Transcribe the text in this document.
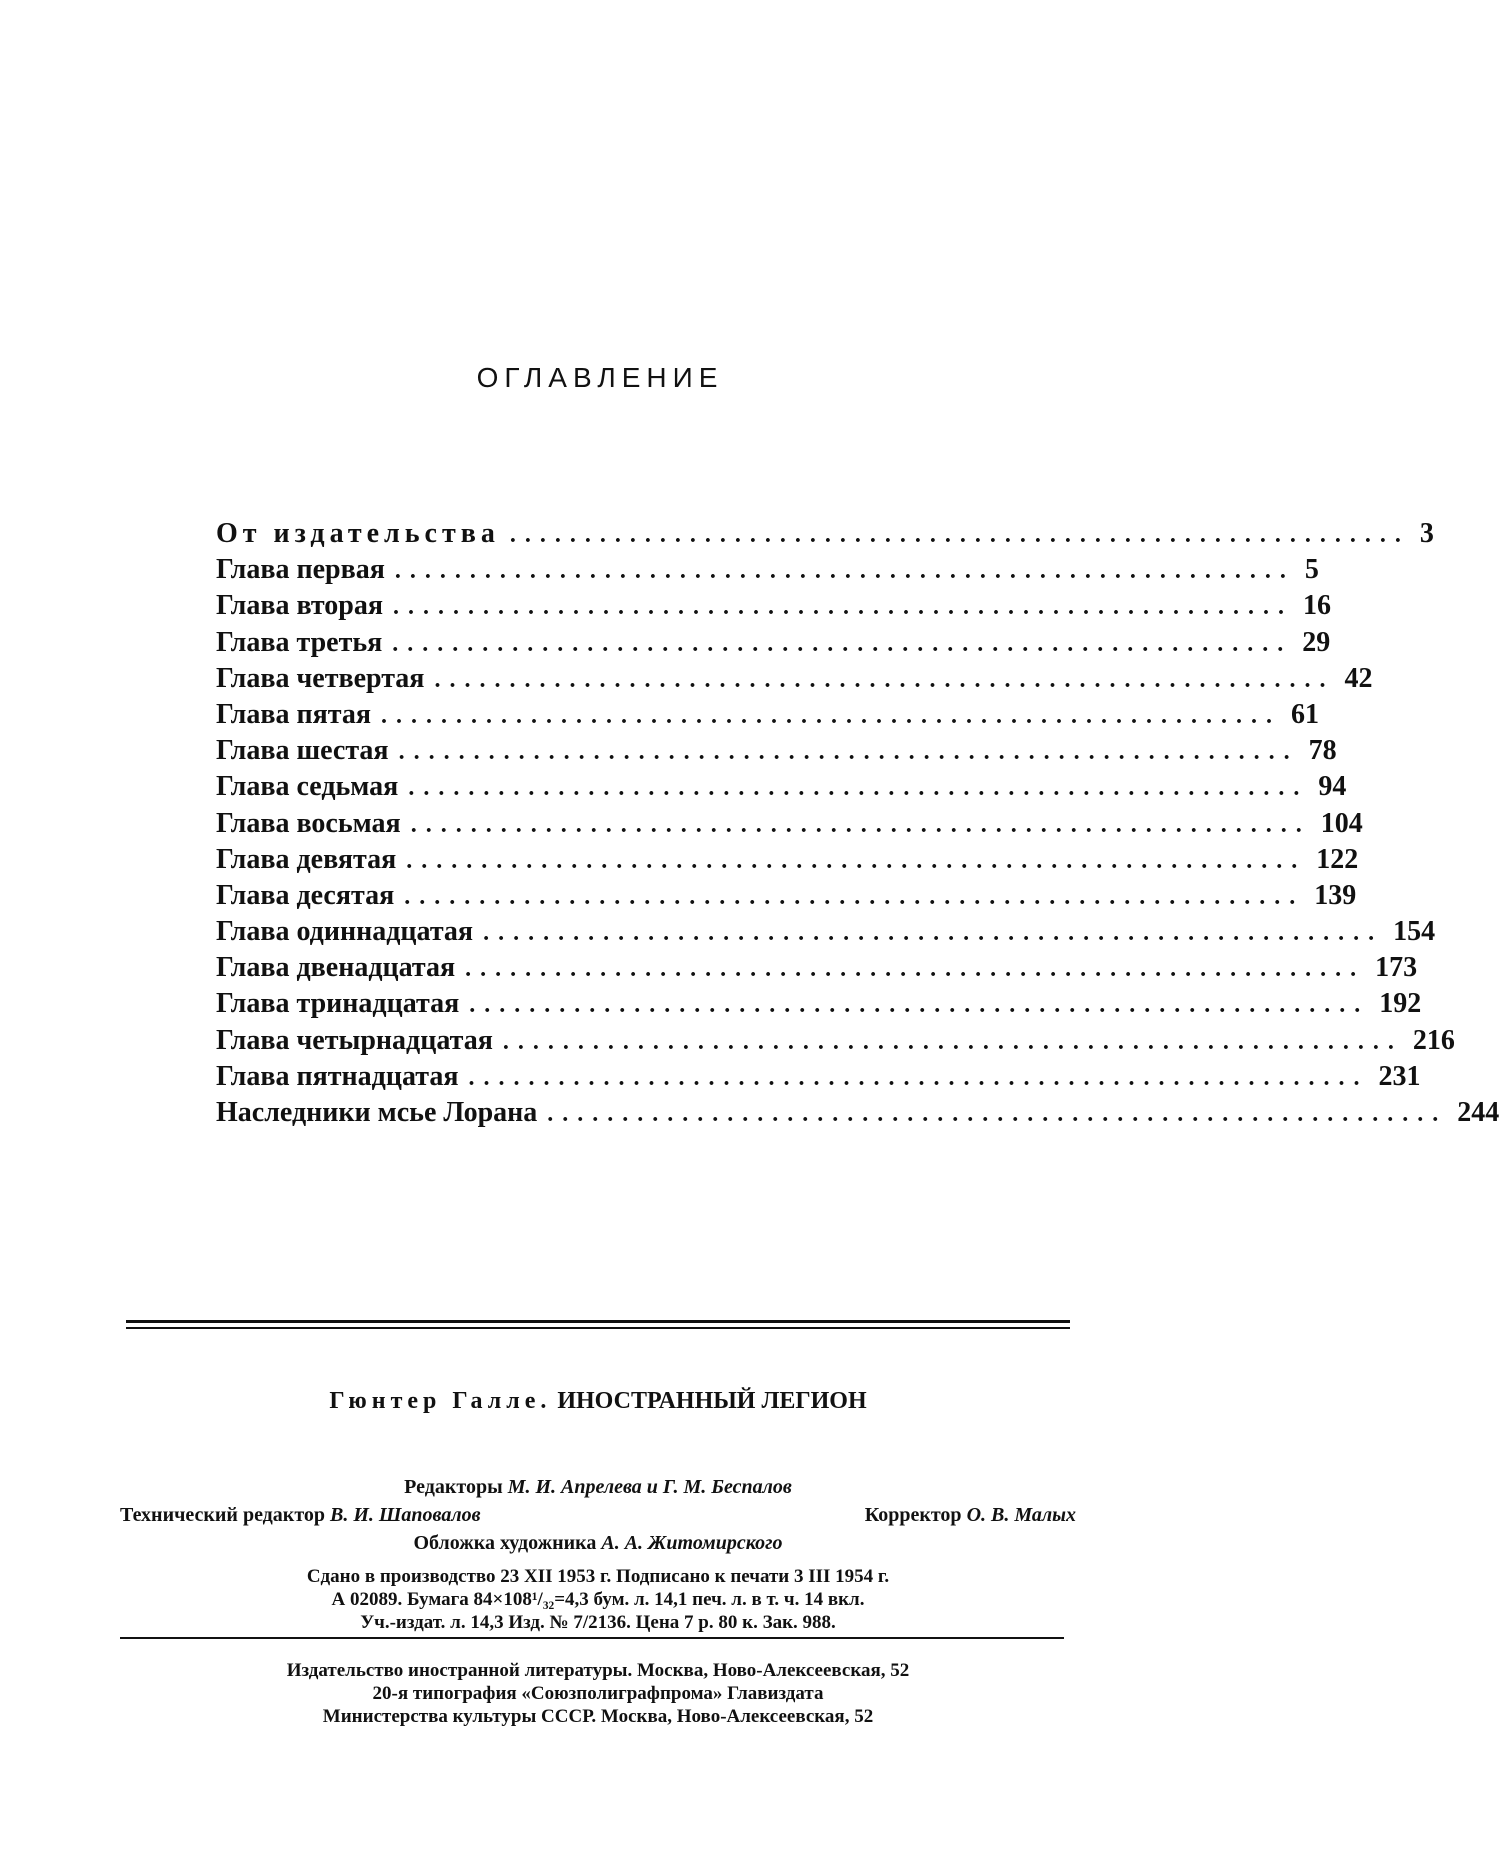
ОГЛАВЛЕНИЕ
От издательства ............................................................ 3
Глава первая ............................................................ 5
Глава вторая ............................................................ 16
Глава третья ............................................................ 29
Глава четвертая ............................................................ 42
Глава пятая ............................................................ 61
Глава шестая ............................................................ 78
Глава седьмая ............................................................ 94
Глава восьмая ............................................................ 104
Глава девятая ............................................................ 122
Глава десятая ............................................................ 139
Глава одиннадцатая ............................................................ 154
Глава двенадцатая ............................................................ 173
Глава тринадцатая ............................................................ 192
Глава четырнадцатая ............................................................ 216
Глава пятнадцатая ............................................................ 231
Наследники мсье Лорана ............................................................ 244
Гюнтер Галле. ИНОСТРАННЫЙ ЛЕГИОН
Редакторы М. И. Апрелева и Г. М. Беспалов
Технический редактор В. И. Шаповалов	Корректор О. В. Малых
Обложка художника А. А. Житомирского
Сдано в производство 23 XII 1953 г. Подписано к печати 3 III 1954 г.
А 02089. Бумага 84×108¹/₃₂=4,3 бум. л. 14,1 печ. л. в т. ч. 14 вкл.
Уч.-издат. л. 14,3 Изд. № 7/2136. Цена 7 р. 80 к. Зак. 988.
Издательство иностранной литературы. Москва, Ново-Алексеевская, 52
20-я типография «Союзполиграфпрома» Главиздата
Министерства культуры СССР. Москва, Ново-Алексеевская, 52
